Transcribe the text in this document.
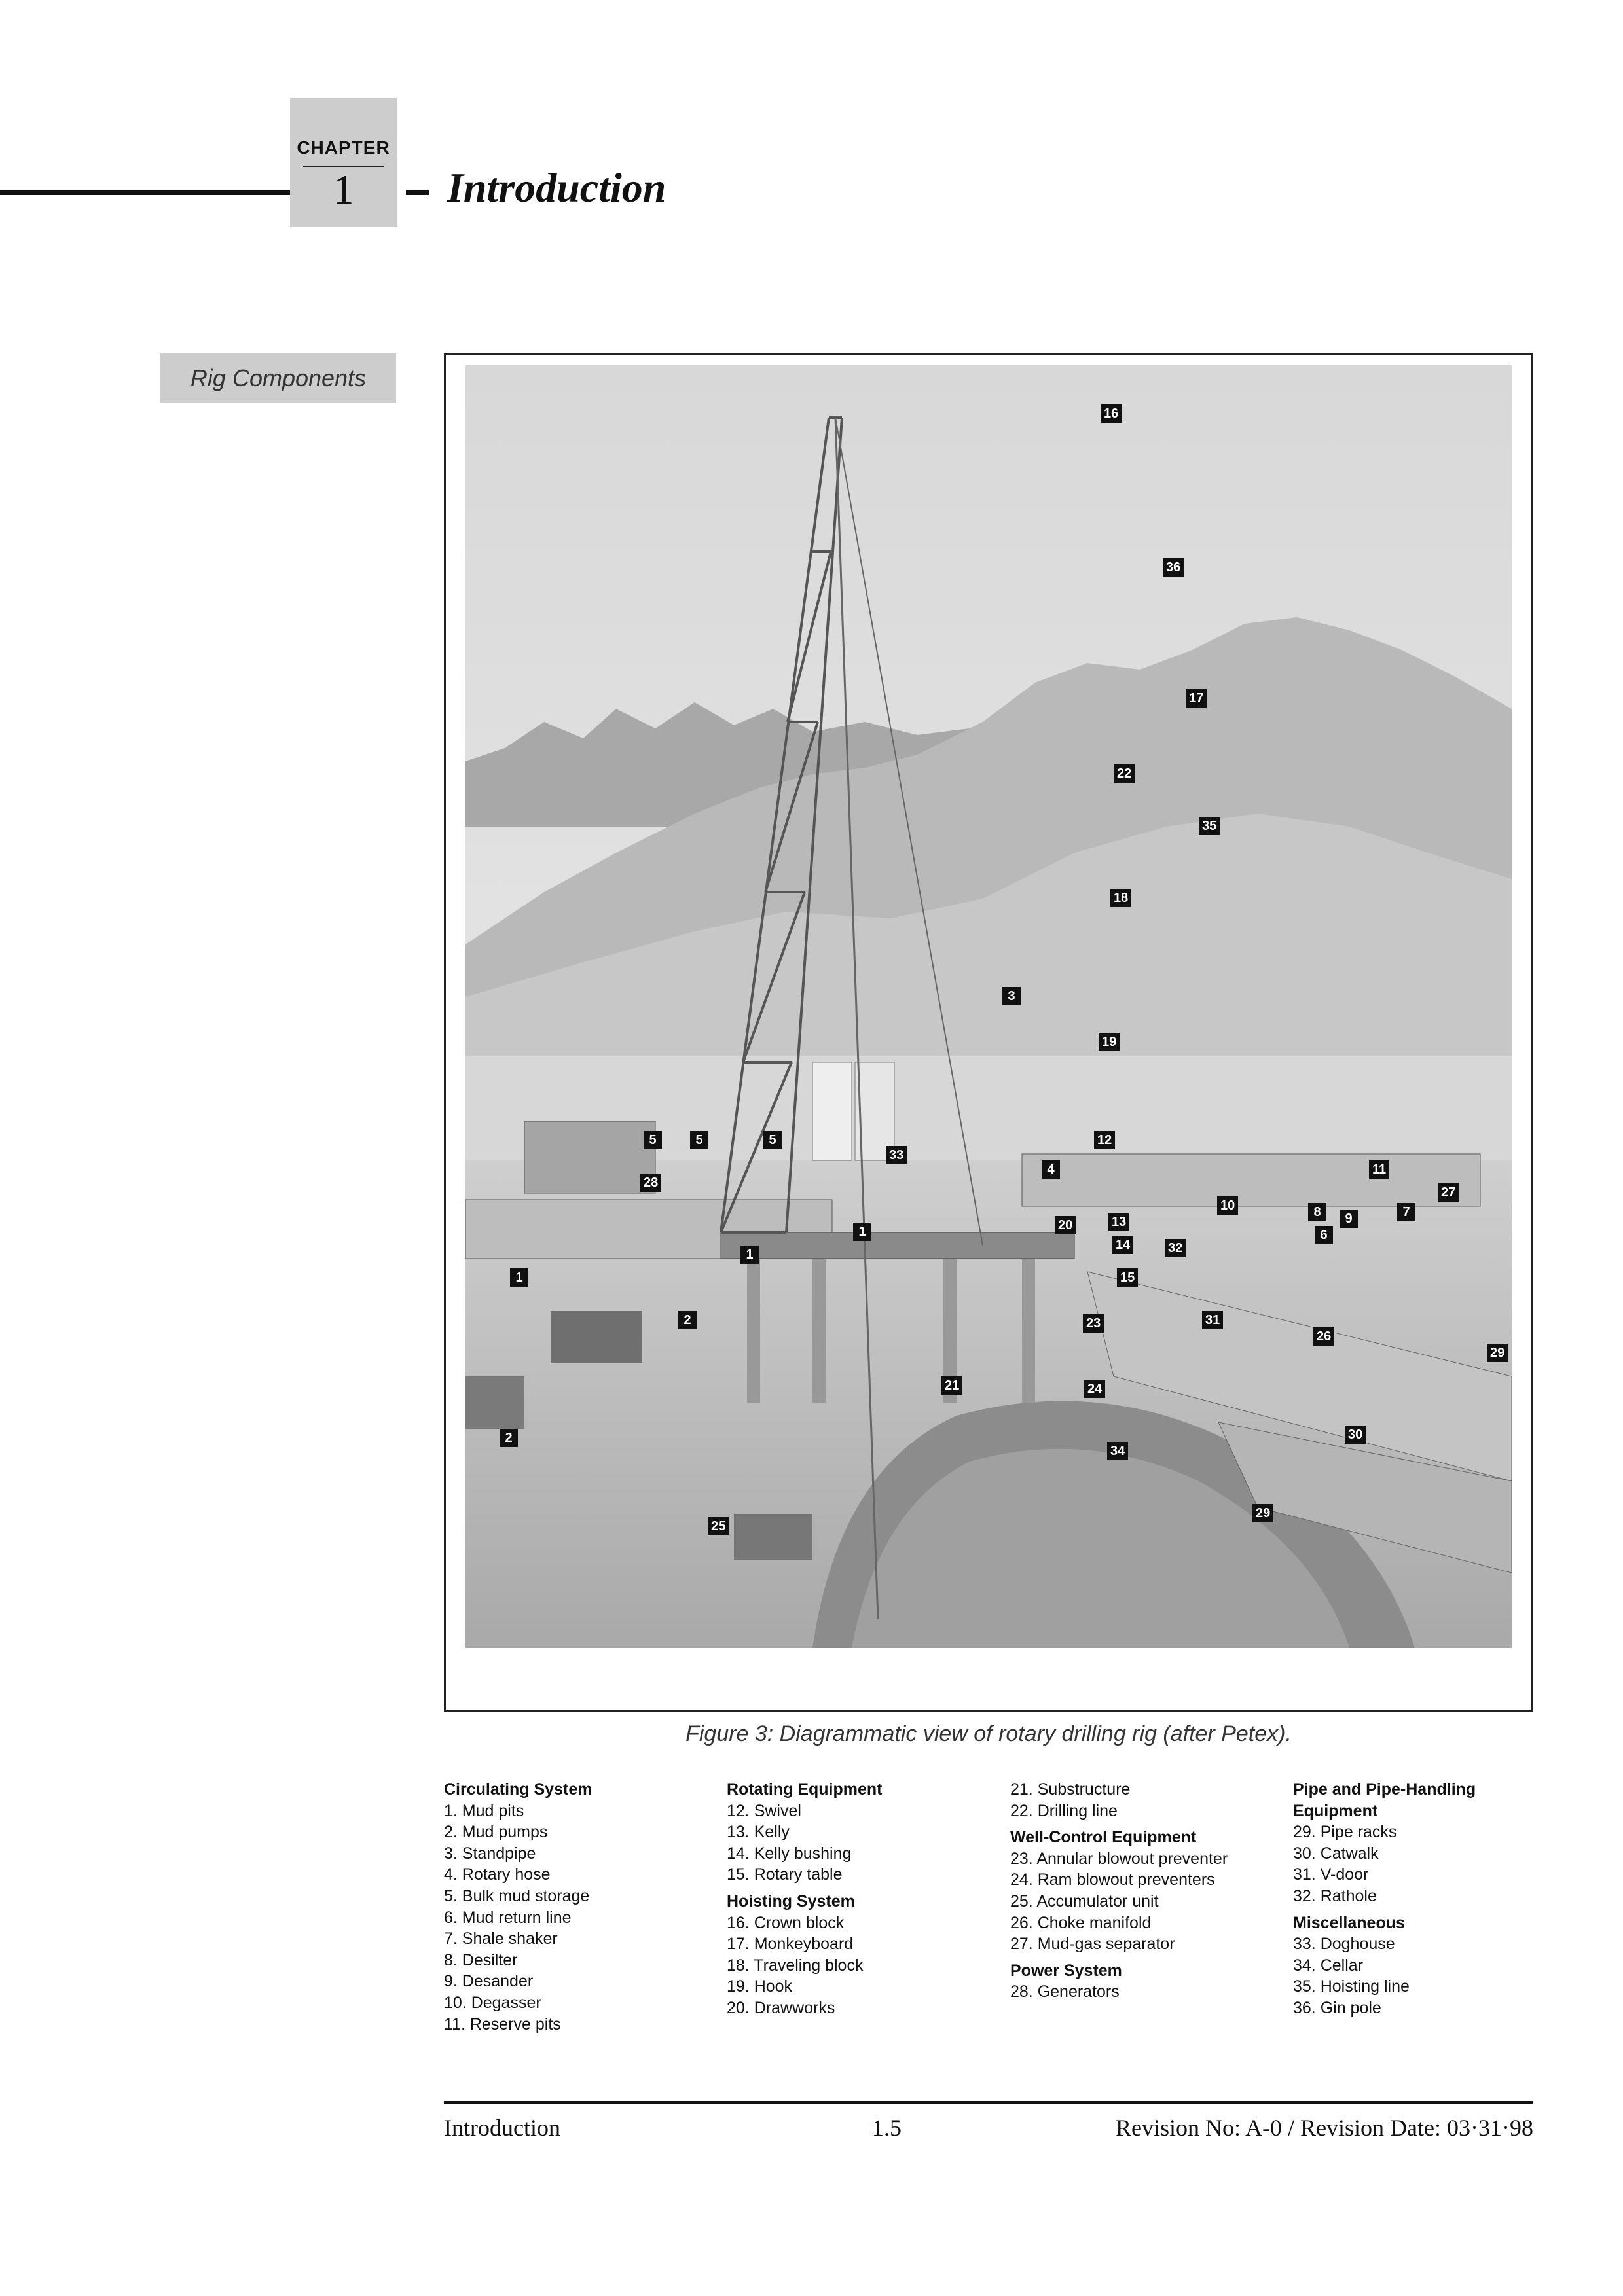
CHAPTER
1	Introduction
Rig Components
16
36
17
22
35
18
3
19
12
4
33
5	5	5
28
1
1
1	20	13
14
15
32
10	8	9
6
7
11
27
2
2
23	31
26
29
21	24
30
34
29
25
Figure 3: Diagrammatic view of rotary drilling rig (after Petex).
Circulating System
1. Mud pits
2. Mud pumps
3. Standpipe
4. Rotary hose
5. Bulk mud storage
6. Mud return line
7. Shale shaker
8. Desilter
9. Desander
10. Degasser
11. Reserve pits
Rotating Equipment
12. Swivel
13. Kelly
14. Kelly bushing
15. Rotary table
Hoisting System
16. Crown block
17. Monkeyboard
18. Traveling block
19. Hook
20. Drawworks
21. Substructure
22. Drilling line
Well-Control Equipment
23. Annular blowout preventer
24. Ram blowout preventers
25. Accumulator unit
26. Choke manifold
27. Mud-gas separator
Power System
28. Generators
Pipe and Pipe-Handling
Equipment
29. Pipe racks
30. Catwalk
31. V-door
32. Rathole
Miscellaneous
33. Doghouse
34. Cellar
35. Hoisting line
36. Gin pole
Introduction	1.5	Revision No: A-0 / Revision Date: 03·31·98
